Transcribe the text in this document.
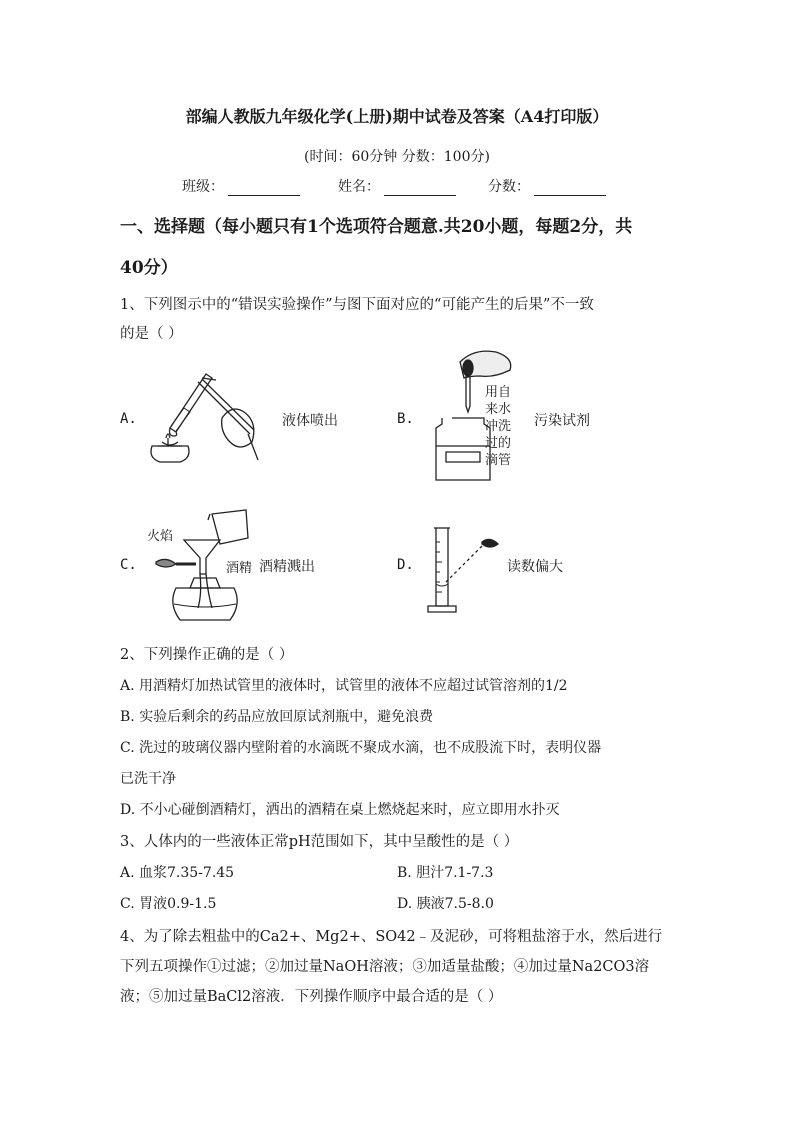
部编人教版九年级化学(上册)期中试卷及答案（A4打印版）
(时间：60分钟 分数：100分)
班级：	姓名：	分数：
一、选择题（每小题只有1个选项符合题意.共20小题，每题2分，共
40分）
1、下列图示中的“错误实验操作”与图下面对应的“可能产生的后果”不一致
的是（ ）
A.	液体喷出	B.
用自
来水
冲洗
过的
滴管
污染试剂
C.
火焰
酒精 酒精溅出	D.	读数偏大
2、下列操作正确的是（ ）
A. 用酒精灯加热试管里的液体时，试管里的液体不应超过试管溶剂的1/2
B. 实验后剩余的药品应放回原试剂瓶中，避免浪费
C. 洗过的玻璃仪器内壁附着的水滴既不聚成水滴，也不成股流下时，表明仪器
已洗干净
D. 不小心碰倒酒精灯，洒出的酒精在桌上燃烧起来时，应立即用水扑灭
3、人体内的一些液体正常pH范围如下，其中呈酸性的是（ ）
A. 血浆7.35-7.45	B. 胆汁7.1-7.3
C. 胃液0.9-1.5	D. 胰液7.5-8.0
4、为了除去粗盐中的Ca2+、Mg2+、SO42﹣及泥砂，可将粗盐溶于水，然后进行
下列五项操作①过滤；②加过量NaOH溶液；③加适量盐酸；④加过量Na2CO3溶
液；⑤加过量BaCl2溶液．下列操作顺序中最合适的是（ ）
